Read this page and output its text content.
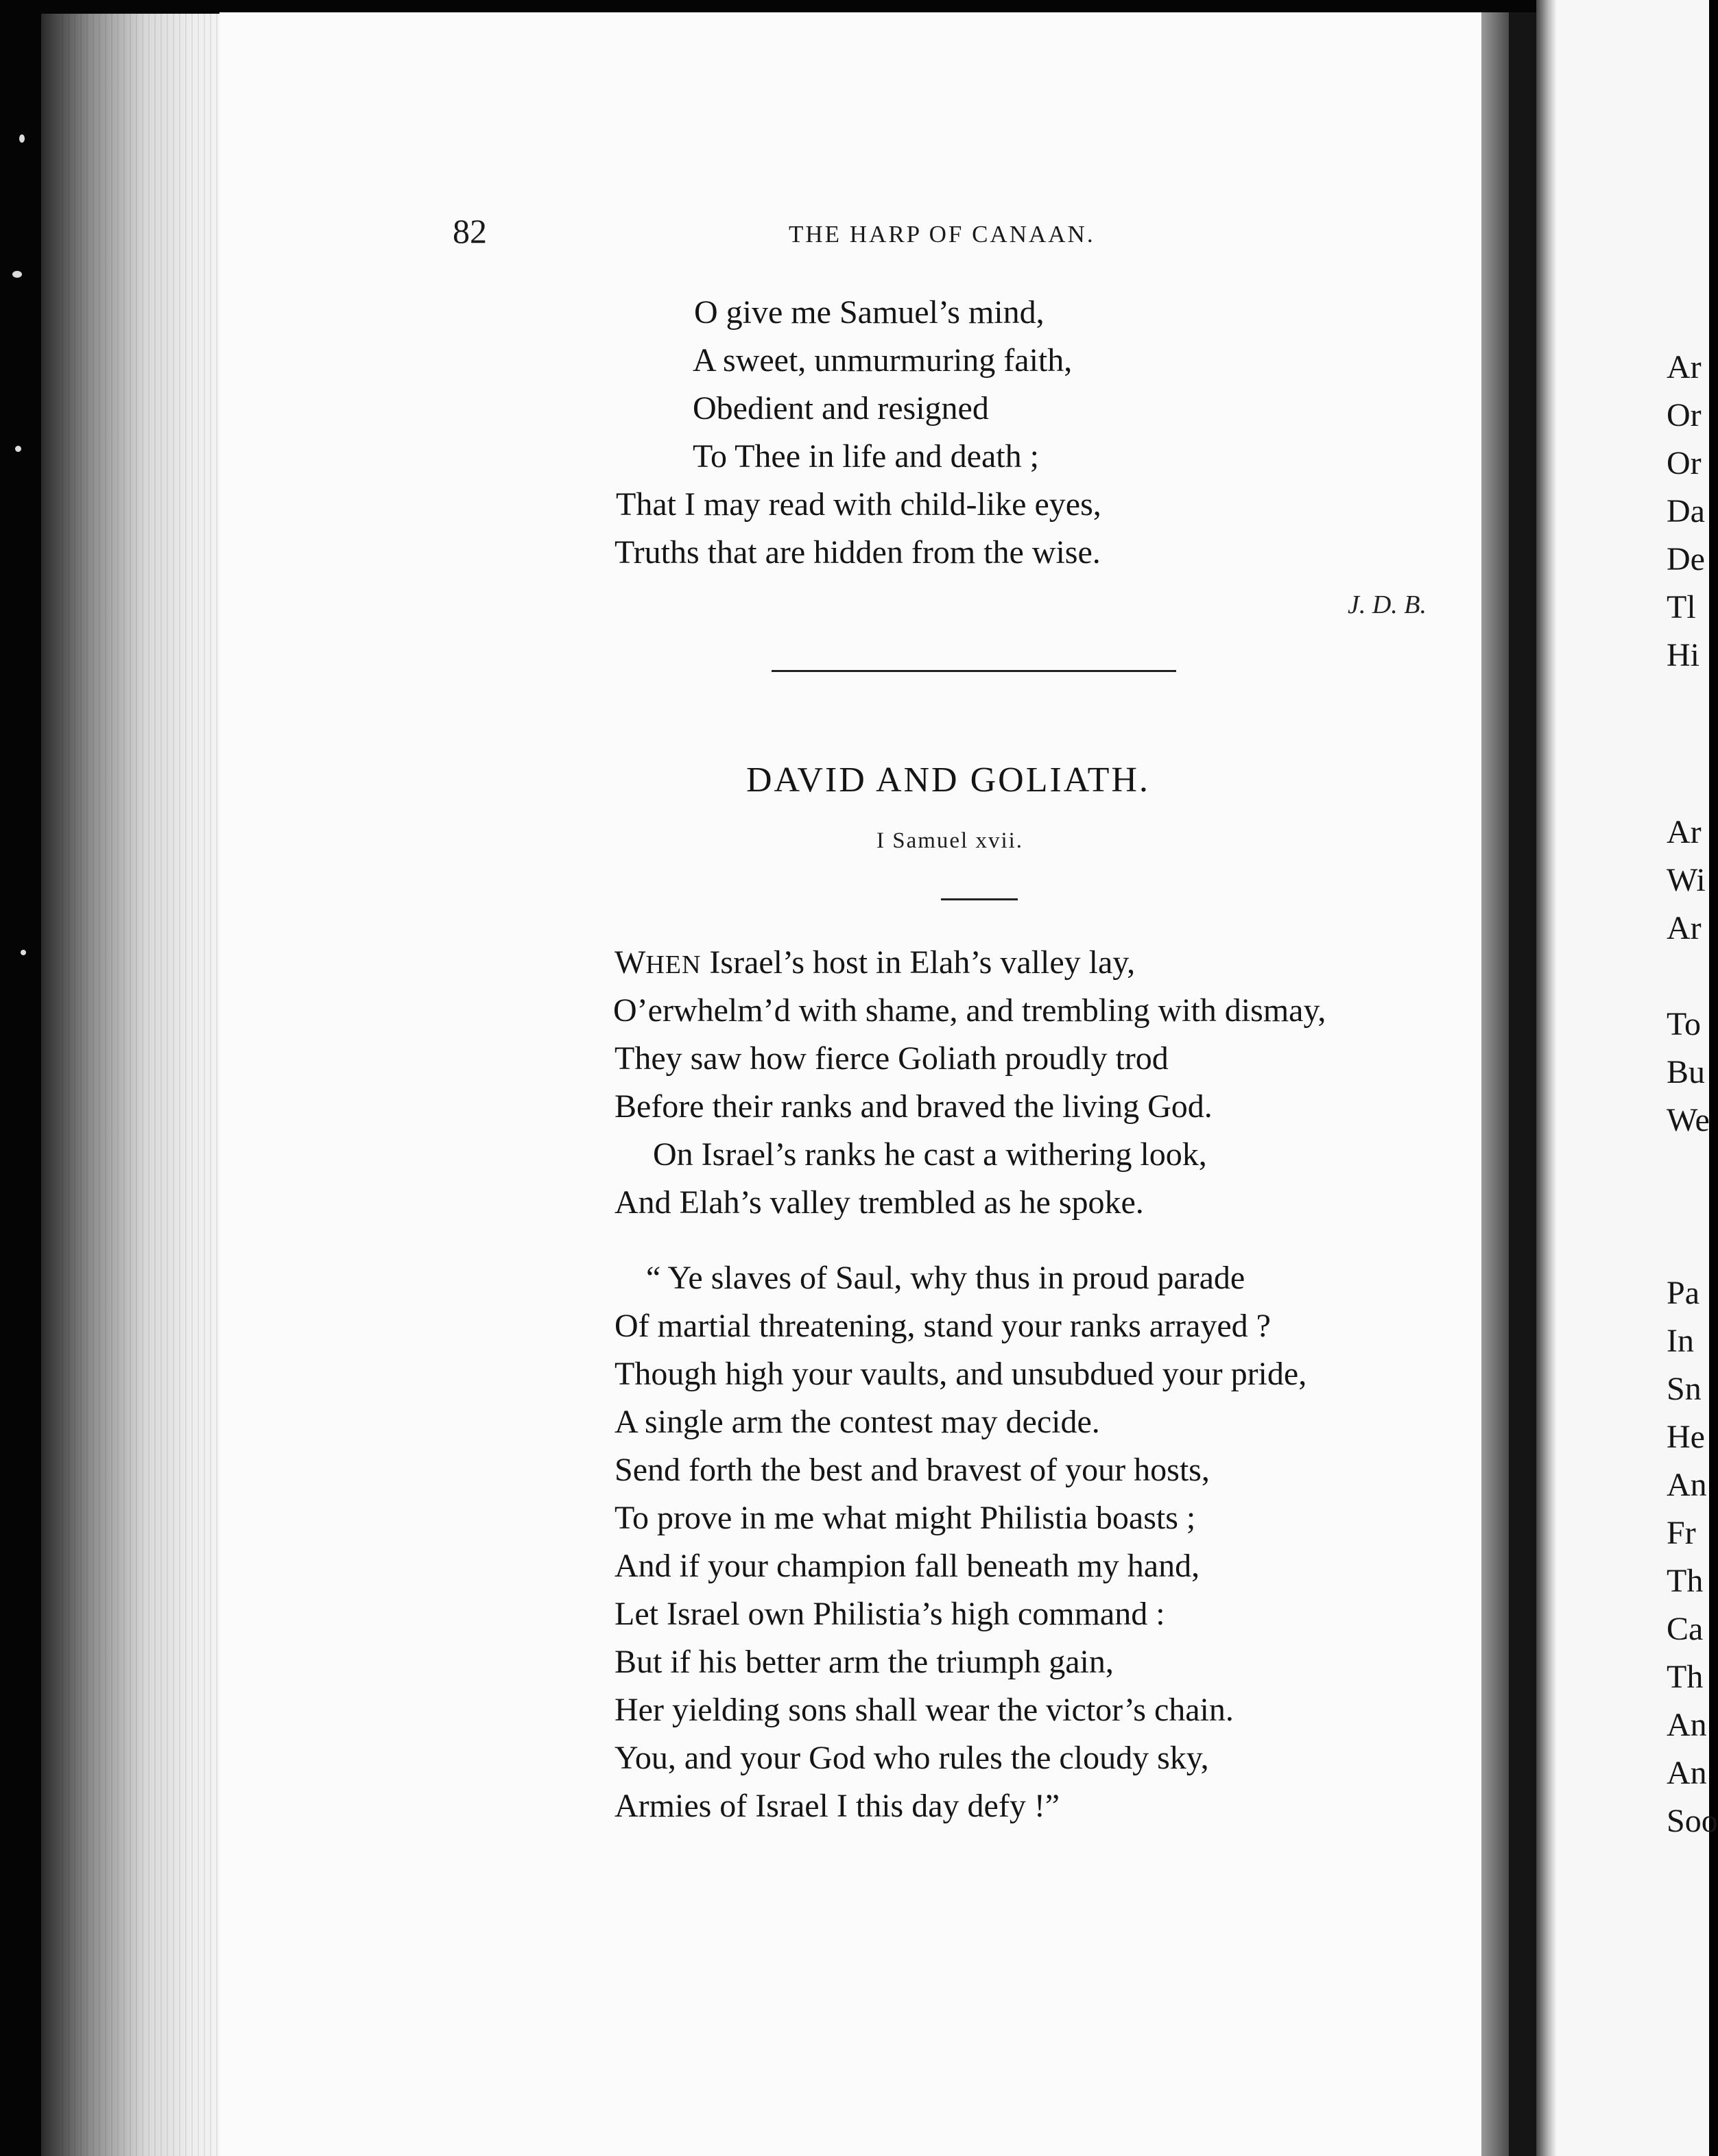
82	THE HARP OF CANAAN.
O give me Samuel’s mind,
A sweet, unmurmuring faith,
Obedient and resigned
To Thee in life and death ;
That I may read with child-like eyes,
Truths that are hidden from the wise.
J. D. B.
DAVID AND GOLIATH.
I Samuel xvii.
WHEN Israel’s host in Elah’s valley lay,
O’erwhelm’d with shame, and trembling with dismay,
They saw how fierce Goliath proudly trod
Before their ranks and braved the living God.
On Israel’s ranks he cast a withering look,
And Elah’s valley trembled as he spoke.
“ Ye slaves of Saul, why thus in proud parade
Of martial threatening, stand your ranks arrayed ?
Though high your vaults, and unsubdued your pride,
A single arm the contest may decide.
Send forth the best and bravest of your hosts,
To prove in me what might Philistia boasts ;
And if your champion fall beneath my hand,
Let Israel own Philistia’s high command :
But if his better arm the triumph gain,
Her yielding sons shall wear the victor’s chain.
You, and your God who rules the cloudy sky,
Armies of Israel I this day defy !”
Ar
Or
Or
Da
De
Tl
Hi
Ar
Wi
Ar
To
Bu
We
Pa
In
Sn
He
An
Fr
Th
Ca
Th
An
An
Soo
